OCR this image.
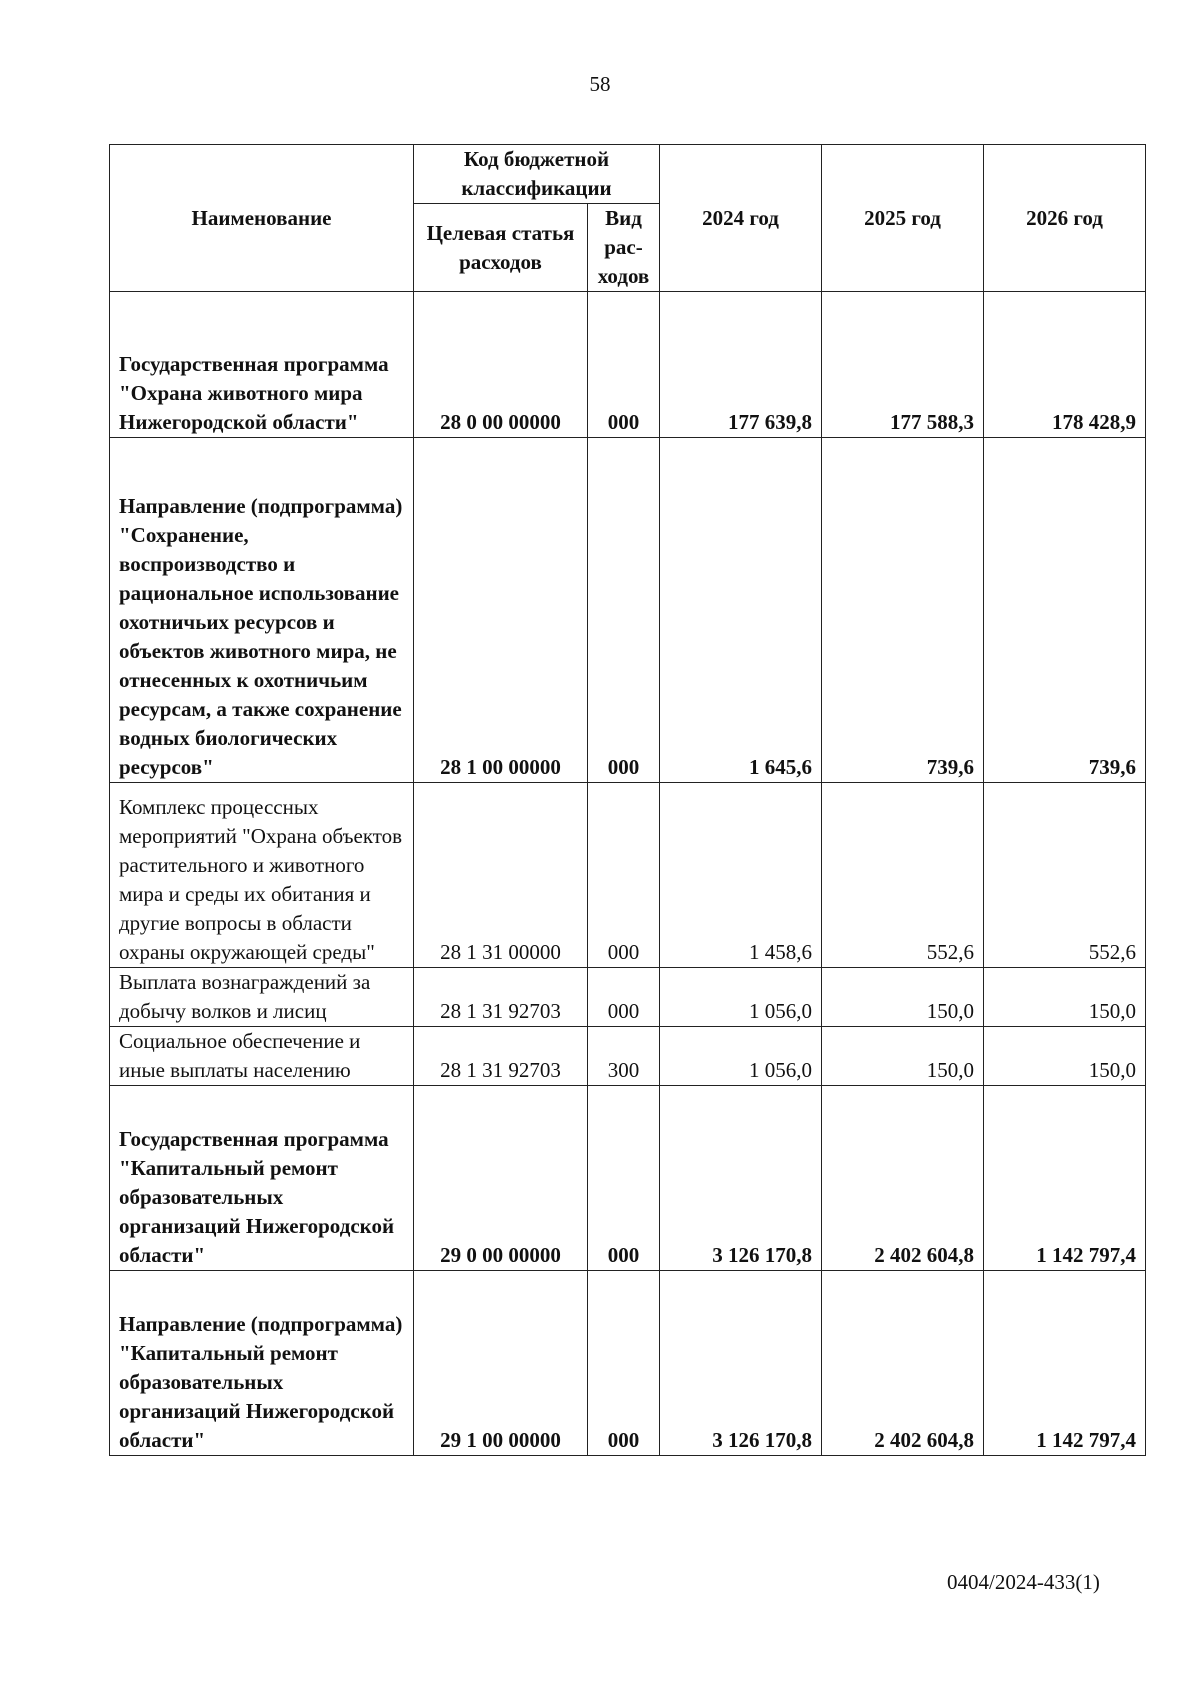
58
Наименование	Код бюджетной классификации		2024 год	2025 год	2026 год
	Целевая статья расходов	Вид рас-ходов			
Государственная программа "Охрана животного мира Нижегородской области"	28 0 00 00000	000	177 639,8	177 588,3	178 428,9
Направление (подпрограмма) "Сохранение, воспроизводство и рациональное использование охотничьих ресурсов и объектов животного мира, не отнесенных к охотничьим ресурсам, а также сохранение водных биологических ресурсов"	28 1 00 00000	000	1 645,6	739,6	739,6
Комплекс процессных мероприятий "Охрана объектов растительного и животного мира и среды их обитания и другие вопросы в области охраны окружающей среды"	28 1 31 00000	000	1 458,6	552,6	552,6
Выплата вознаграждений за добычу волков и лисиц	28 1 31 92703	000	1 056,0	150,0	150,0
Социальное обеспечение и иные выплаты населению	28 1 31 92703	300	1 056,0	150,0	150,0
Государственная программа "Капитальный ремонт образовательных организаций Нижегородской области"	29 0 00 00000	000	3 126 170,8	2 402 604,8	1 142 797,4
Направление (подпрограмма) "Капитальный ремонт образовательных организаций Нижегородской области"	29 1 00 00000	000	3 126 170,8	2 402 604,8	1 142 797,4
0404/2024-433(1)
